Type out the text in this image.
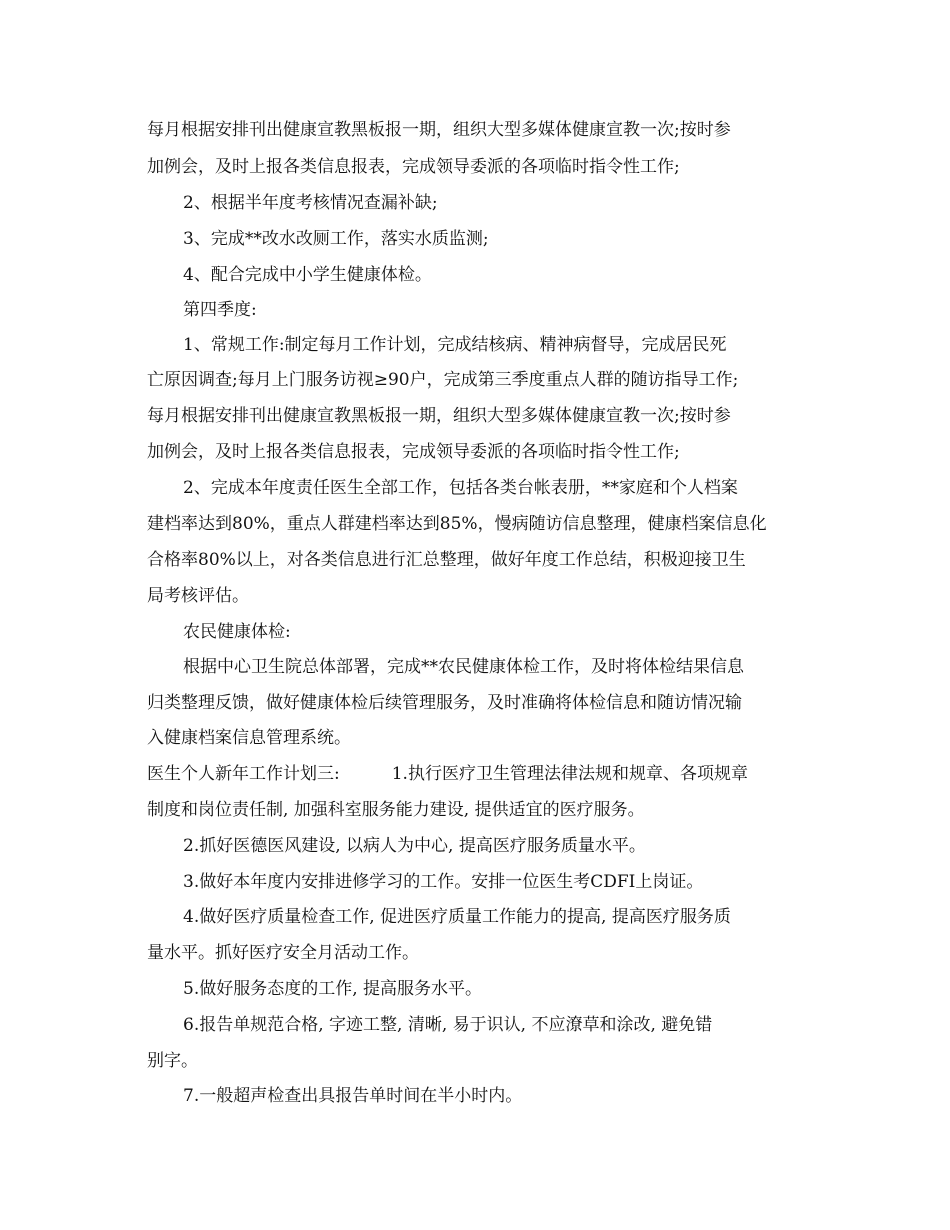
每月根据安排刊出健康宣教黑板报一期，组织大型多媒体健康宣教一次;按时参
加例会，及时上报各类信息报表，完成领导委派的各项临时指令性工作;
2、根据半年度考核情况查漏补缺;
3、完成**改水改厕工作，落实水质监测;
4、配合完成中小学生健康体检。
第四季度:
1、常规工作:制定每月工作计划，完成结核病、精神病督导，完成居民死
亡原因调查;每月上门服务访视≥90户，完成第三季度重点人群的随访指导工作;
每月根据安排刊出健康宣教黑板报一期，组织大型多媒体健康宣教一次;按时参
加例会，及时上报各类信息报表，完成领导委派的各项临时指令性工作;
2、完成本年度责任医生全部工作，包括各类台帐表册，**家庭和个人档案
建档率达到80%，重点人群建档率达到85%，慢病随访信息整理，健康档案信息化
合格率80%以上，对各类信息进行汇总整理，做好年度工作总结，积极迎接卫生
局考核评估。
农民健康体检:
根据中心卫生院总体部署，完成**农民健康体检工作，及时将体检结果信息
归类整理反馈，做好健康体检后续管理服务，及时准确将体检信息和随访情况输
入健康档案信息管理系统。
医生个人新年工作计划三:	1.执行医疗卫生管理法律法规和规章、各项规章
制度和岗位责任制, 加强科室服务能力建设, 提供适宜的医疗服务。
2.抓好医德医风建设, 以病人为中心, 提高医疗服务质量水平。
3.做好本年度内安排进修学习的工作。安排一位医生考CDFI上岗证。
4.做好医疗质量检查工作, 促进医疗质量工作能力的提高, 提高医疗服务质
量水平。抓好医疗安全月活动工作。
5.做好服务态度的工作, 提高服务水平。
6.报告单规范合格, 字迹工整, 清晰, 易于识认, 不应潦草和涂改, 避免错
别字。
7.一般超声检查出具报告单时间在半小时内。
